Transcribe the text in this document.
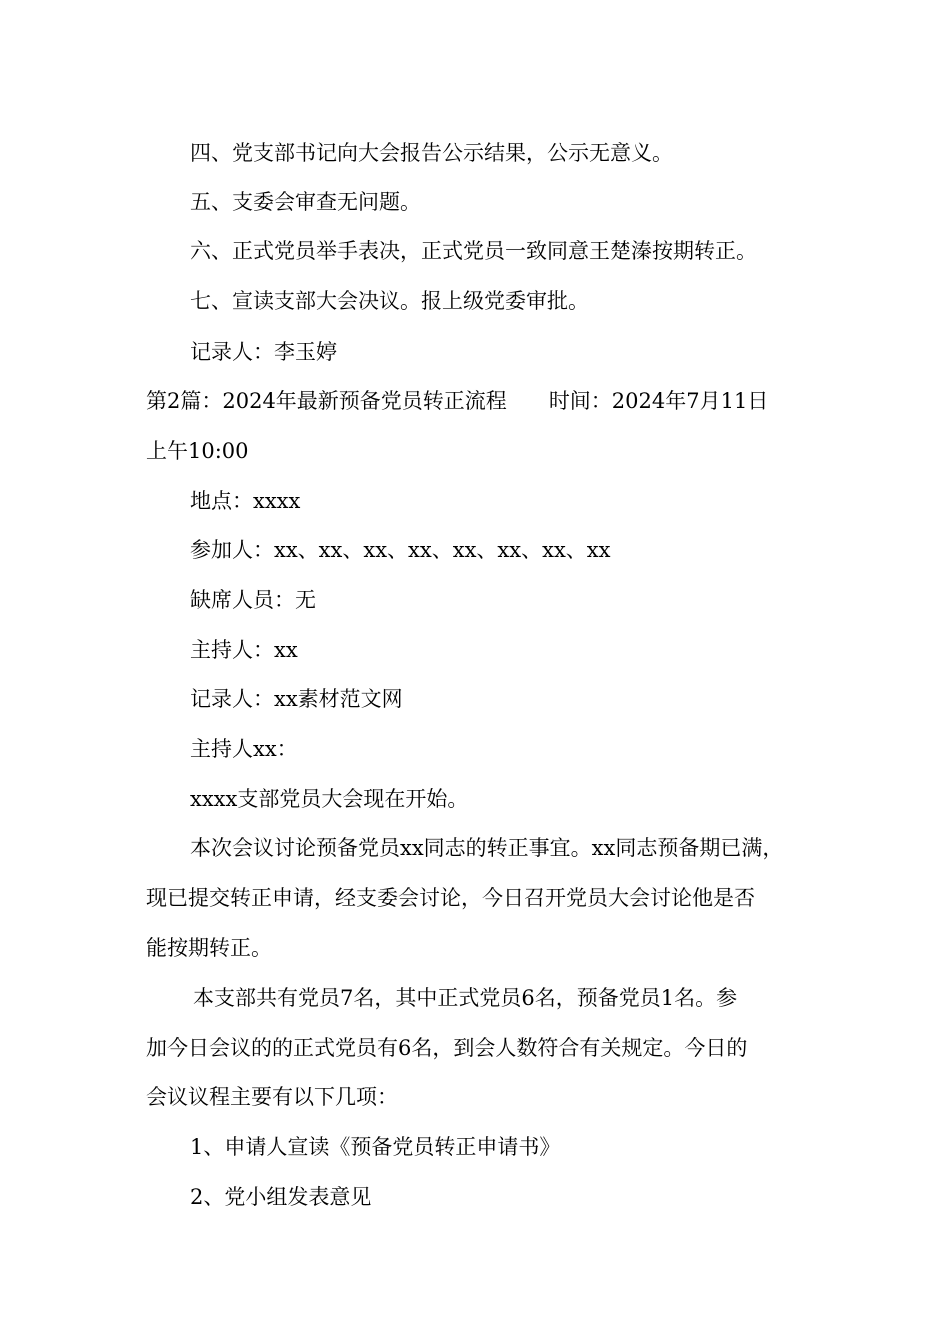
四、党支部书记向大会报告公示结果，公示无意义。
五、支委会审查无问题。
六、正式党员举手表决，正式党员一致同意王楚溱按期转正。
七、宣读支部大会决议。报上级党委审批。
记录人：李玉婷
第2篇：2024年最新预备党员转正流程 时间：2024年7月11日
上午10:00
地点：xxxx
参加人：xx、xx、xx、xx、xx、xx、xx、xx
缺席人员：无
主持人：xx
记录人：xx素材范文网
主持人xx：
xxxx支部党员大会现在开始。
本次会议讨论预备党员xx同志的转正事宜。xx同志预备期已满，
现已提交转正申请，经支委会讨论，今日召开党员大会讨论他是否
能按期转正。
本支部共有党员7名，其中正式党员6名，预备党员1名。参
加今日会议的的正式党员有6名，到会人数符合有关规定。今日的
会议议程主要有以下几项：
1、申请人宣读《预备党员转正申请书》
2、党小组发表意见
